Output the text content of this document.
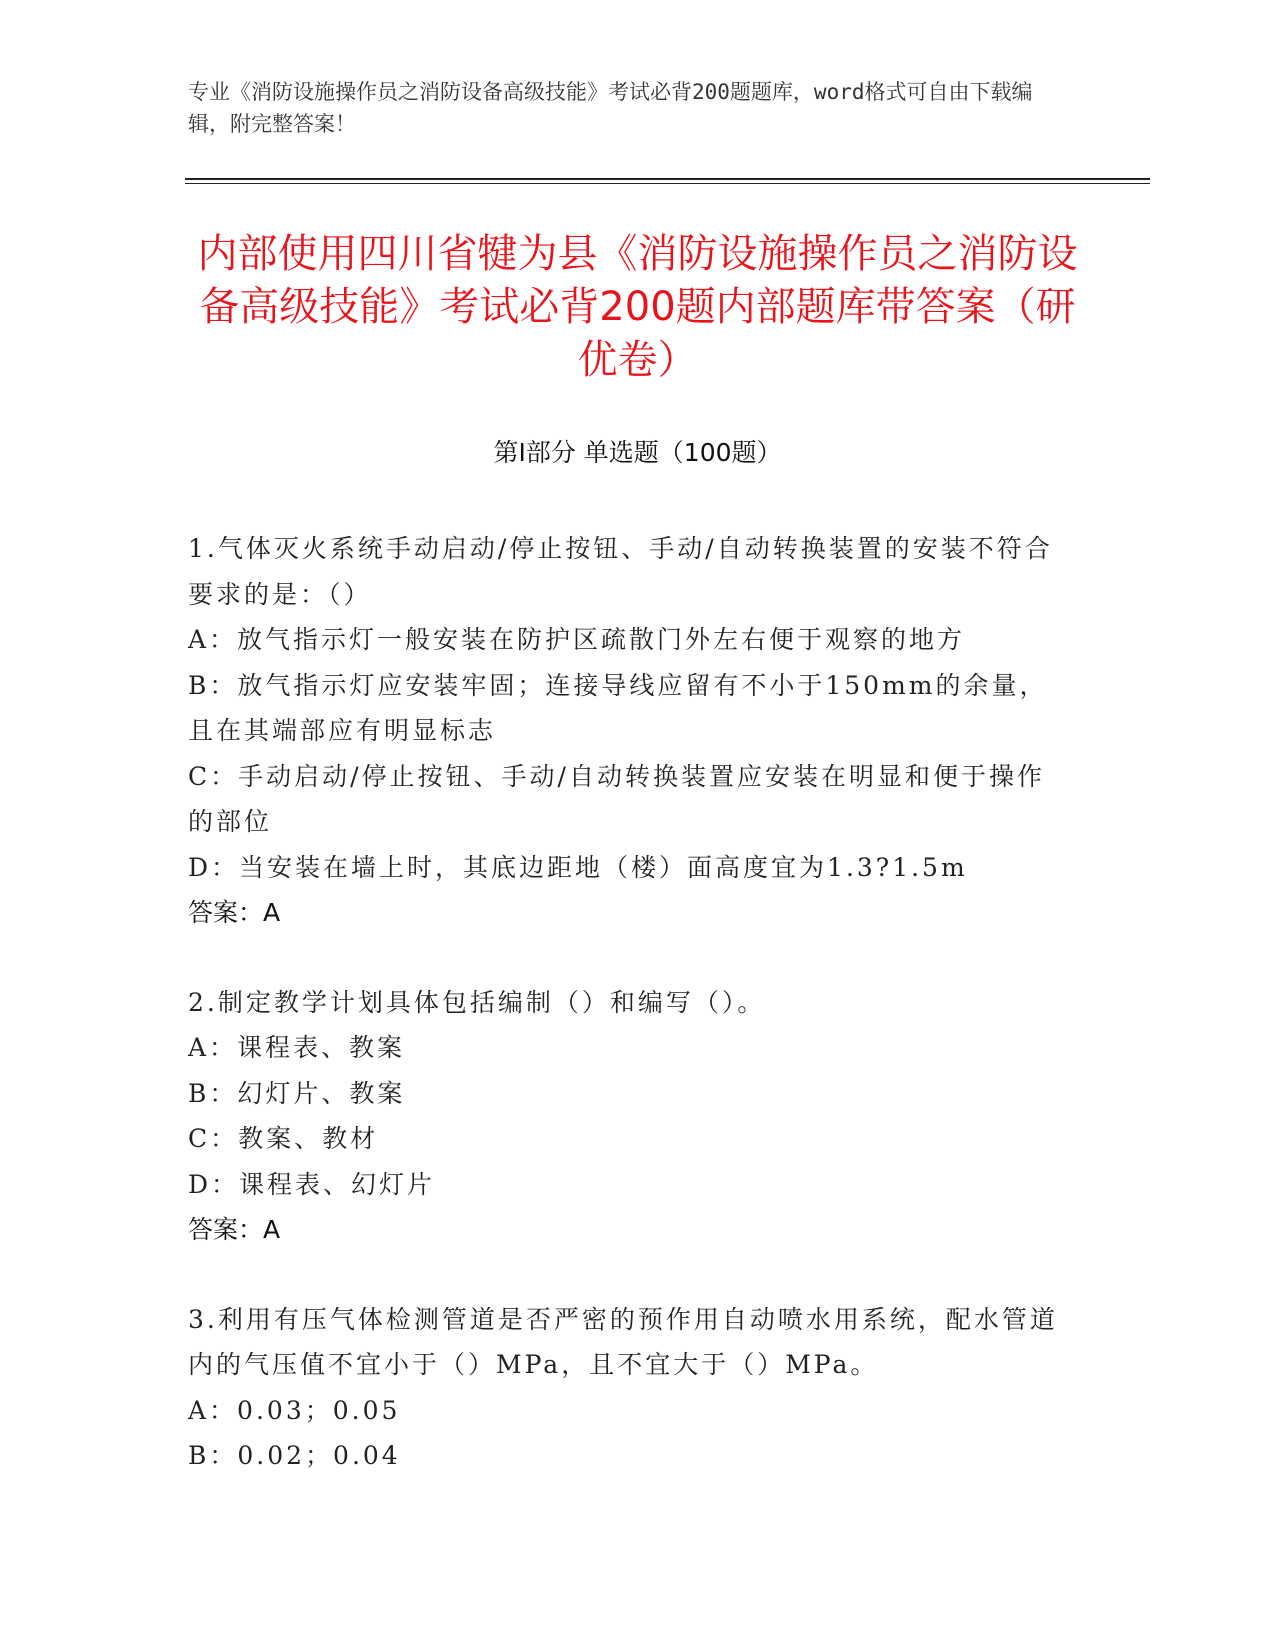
专业《消防设施操作员之消防设备高级技能》考试必背200题题库，word格式可自由下载编辑，附完整答案！
内部使用四川省犍为县《消防设施操作员之消防设备高级技能》考试必背200题内部题库带答案（研优卷）
第Ⅰ部分 单选题（100题）
1.气体灭火系统手动启动/停止按钮、手动/自动转换装置的安装不符合要求的是：（）
A：放气指示灯一般安装在防护区疏散门外左右便于观察的地方
B：放气指示灯应安装牢固；连接导线应留有不小于150mm的余量，且在其端部应有明显标志
C：手动启动/停止按钮、手动/自动转换装置应安装在明显和便于操作的部位
D：当安装在墙上时，其底边距地（楼）面高度宜为1.3?1.5m
答案：A
2.制定教学计划具体包括编制（）和编写（）。
A：课程表、教案
B：幻灯片、教案
C：教案、教材
D：课程表、幻灯片
答案：A
3.利用有压气体检测管道是否严密的预作用自动喷水用系统，配水管道内的气压值不宜小于（）MPa，且不宜大于（）MPa。
A：0.03；0.05
B：0.02；0.04
